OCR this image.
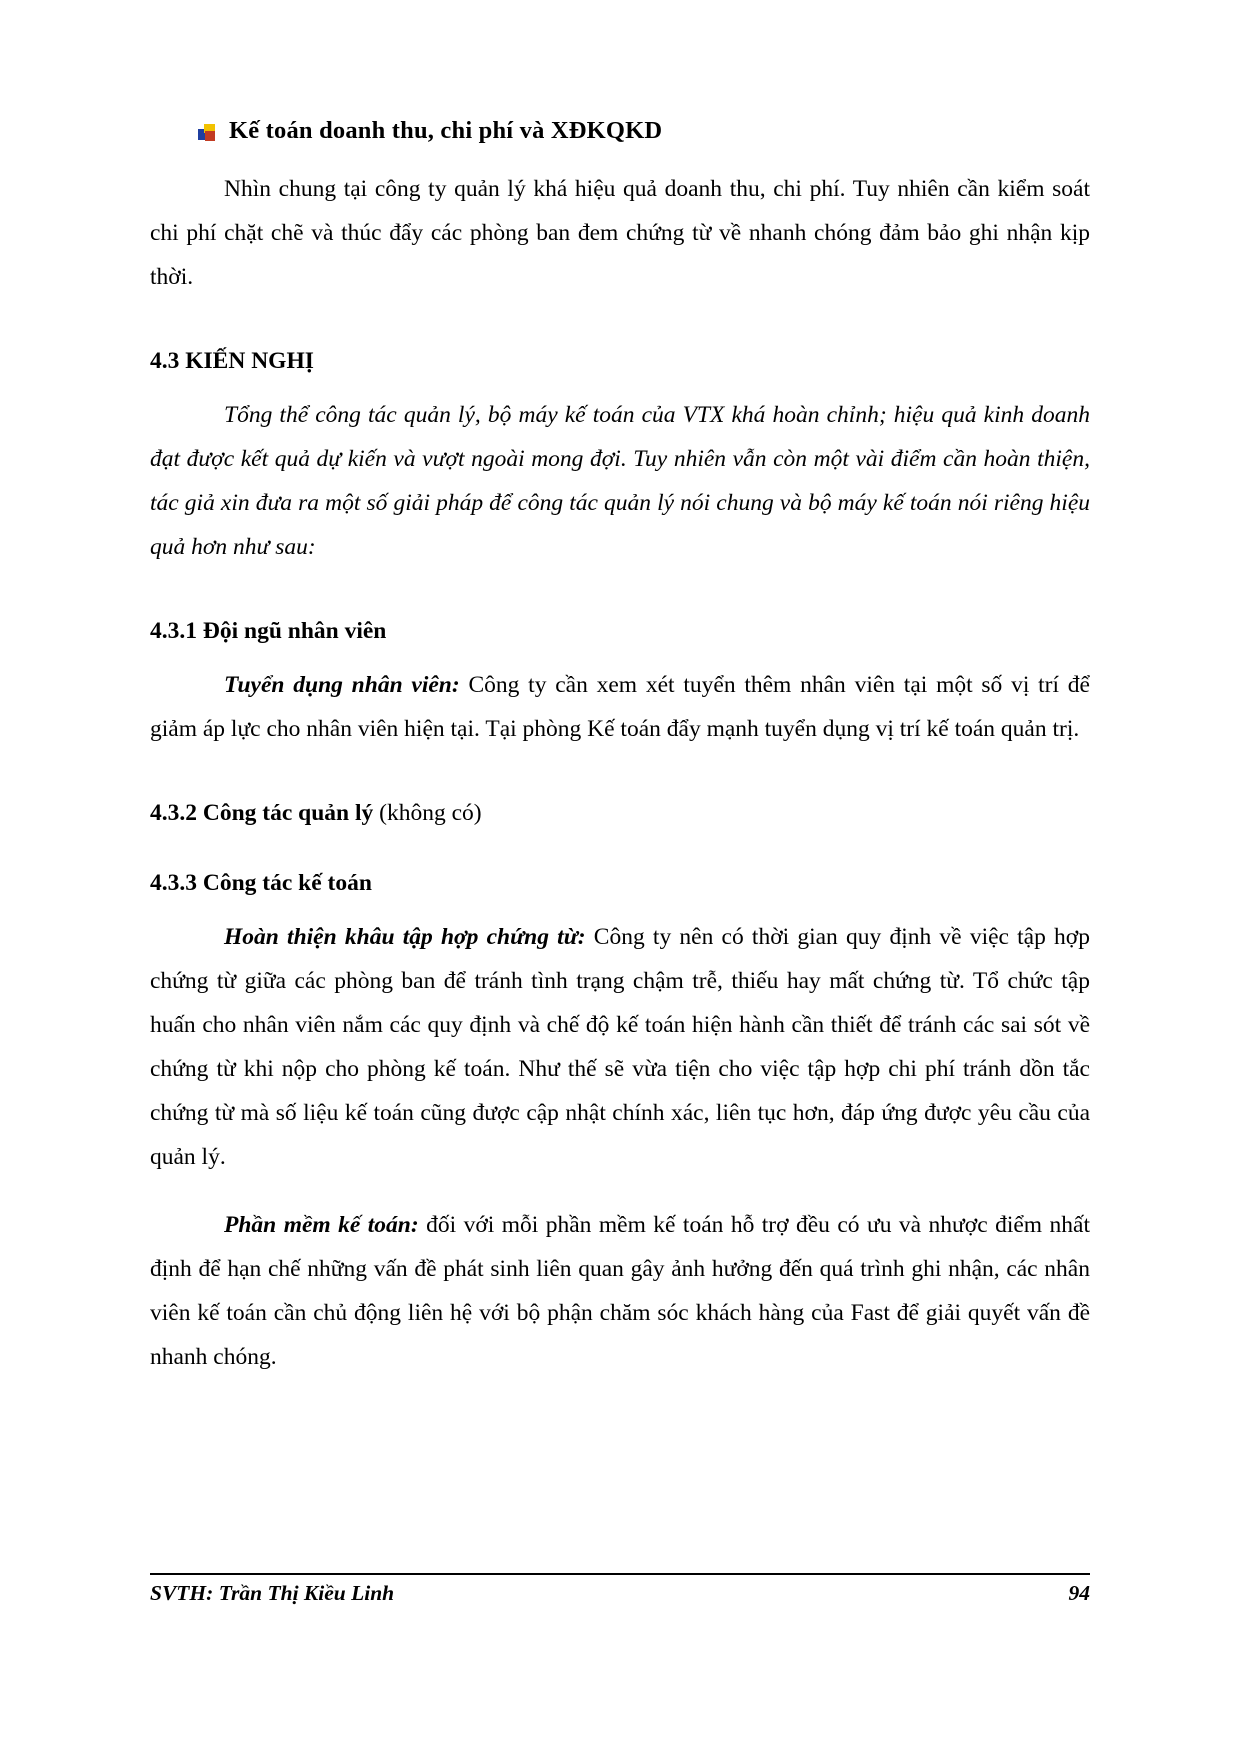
Kế toán doanh thu, chi phí và XĐKQKD

Nhìn chung tại công ty quản lý khá hiệu quả doanh thu, chi phí. Tuy nhiên cần kiểm soát chi phí chặt chẽ và thúc đẩy các phòng ban đem chứng từ về nhanh chóng đảm bảo ghi nhận kịp thời.

4.3 KIẾN NGHỊ

Tổng thể công tác quản lý, bộ máy kế toán của VTX khá hoàn chỉnh; hiệu quả kinh doanh đạt được kết quả dự kiến và vượt ngoài mong đợi. Tuy nhiên vẫn còn một vài điểm cần hoàn thiện, tác giả xin đưa ra một số giải pháp để công tác quản lý nói chung và bộ máy kế toán nói riêng hiệu quả hơn như sau:

4.3.1 Đội ngũ nhân viên

Tuyển dụng nhân viên: Công ty cần xem xét tuyển thêm nhân viên tại một số vị trí để giảm áp lực cho nhân viên hiện tại. Tại phòng Kế toán đẩy mạnh tuyển dụng vị trí kế toán quản trị.

4.3.2 Công tác quản lý (không có)
4.3.3 Công tác kế toán

Hoàn thiện khâu tập hợp chứng từ: Công ty nên có thời gian quy định về việc tập hợp chứng từ giữa các phòng ban để tránh tình trạng chậm trễ, thiếu hay mất chứng từ. Tổ chức tập huấn cho nhân viên nắm các quy định và chế độ kế toán hiện hành cần thiết để tránh các sai sót về chứng từ khi nộp cho phòng kế toán. Như thế sẽ vừa tiện cho việc tập hợp chi phí tránh dồn tắc chứng từ mà số liệu kế toán cũng được cập nhật chính xác, liên tục hơn, đáp ứng được yêu cầu của quản lý.

Phần mềm kế toán: đối với mỗi phần mềm kế toán hỗ trợ đều có ưu và nhược điểm nhất định để hạn chế những vấn đề phát sinh liên quan gây ảnh hưởng đến quá trình ghi nhận, các nhân viên kế toán cần chủ động liên hệ với bộ phận chăm sóc khách hàng của Fast để giải quyết vấn đề nhanh chóng.

SVTH: Trần Thị Kiều Linh	94
